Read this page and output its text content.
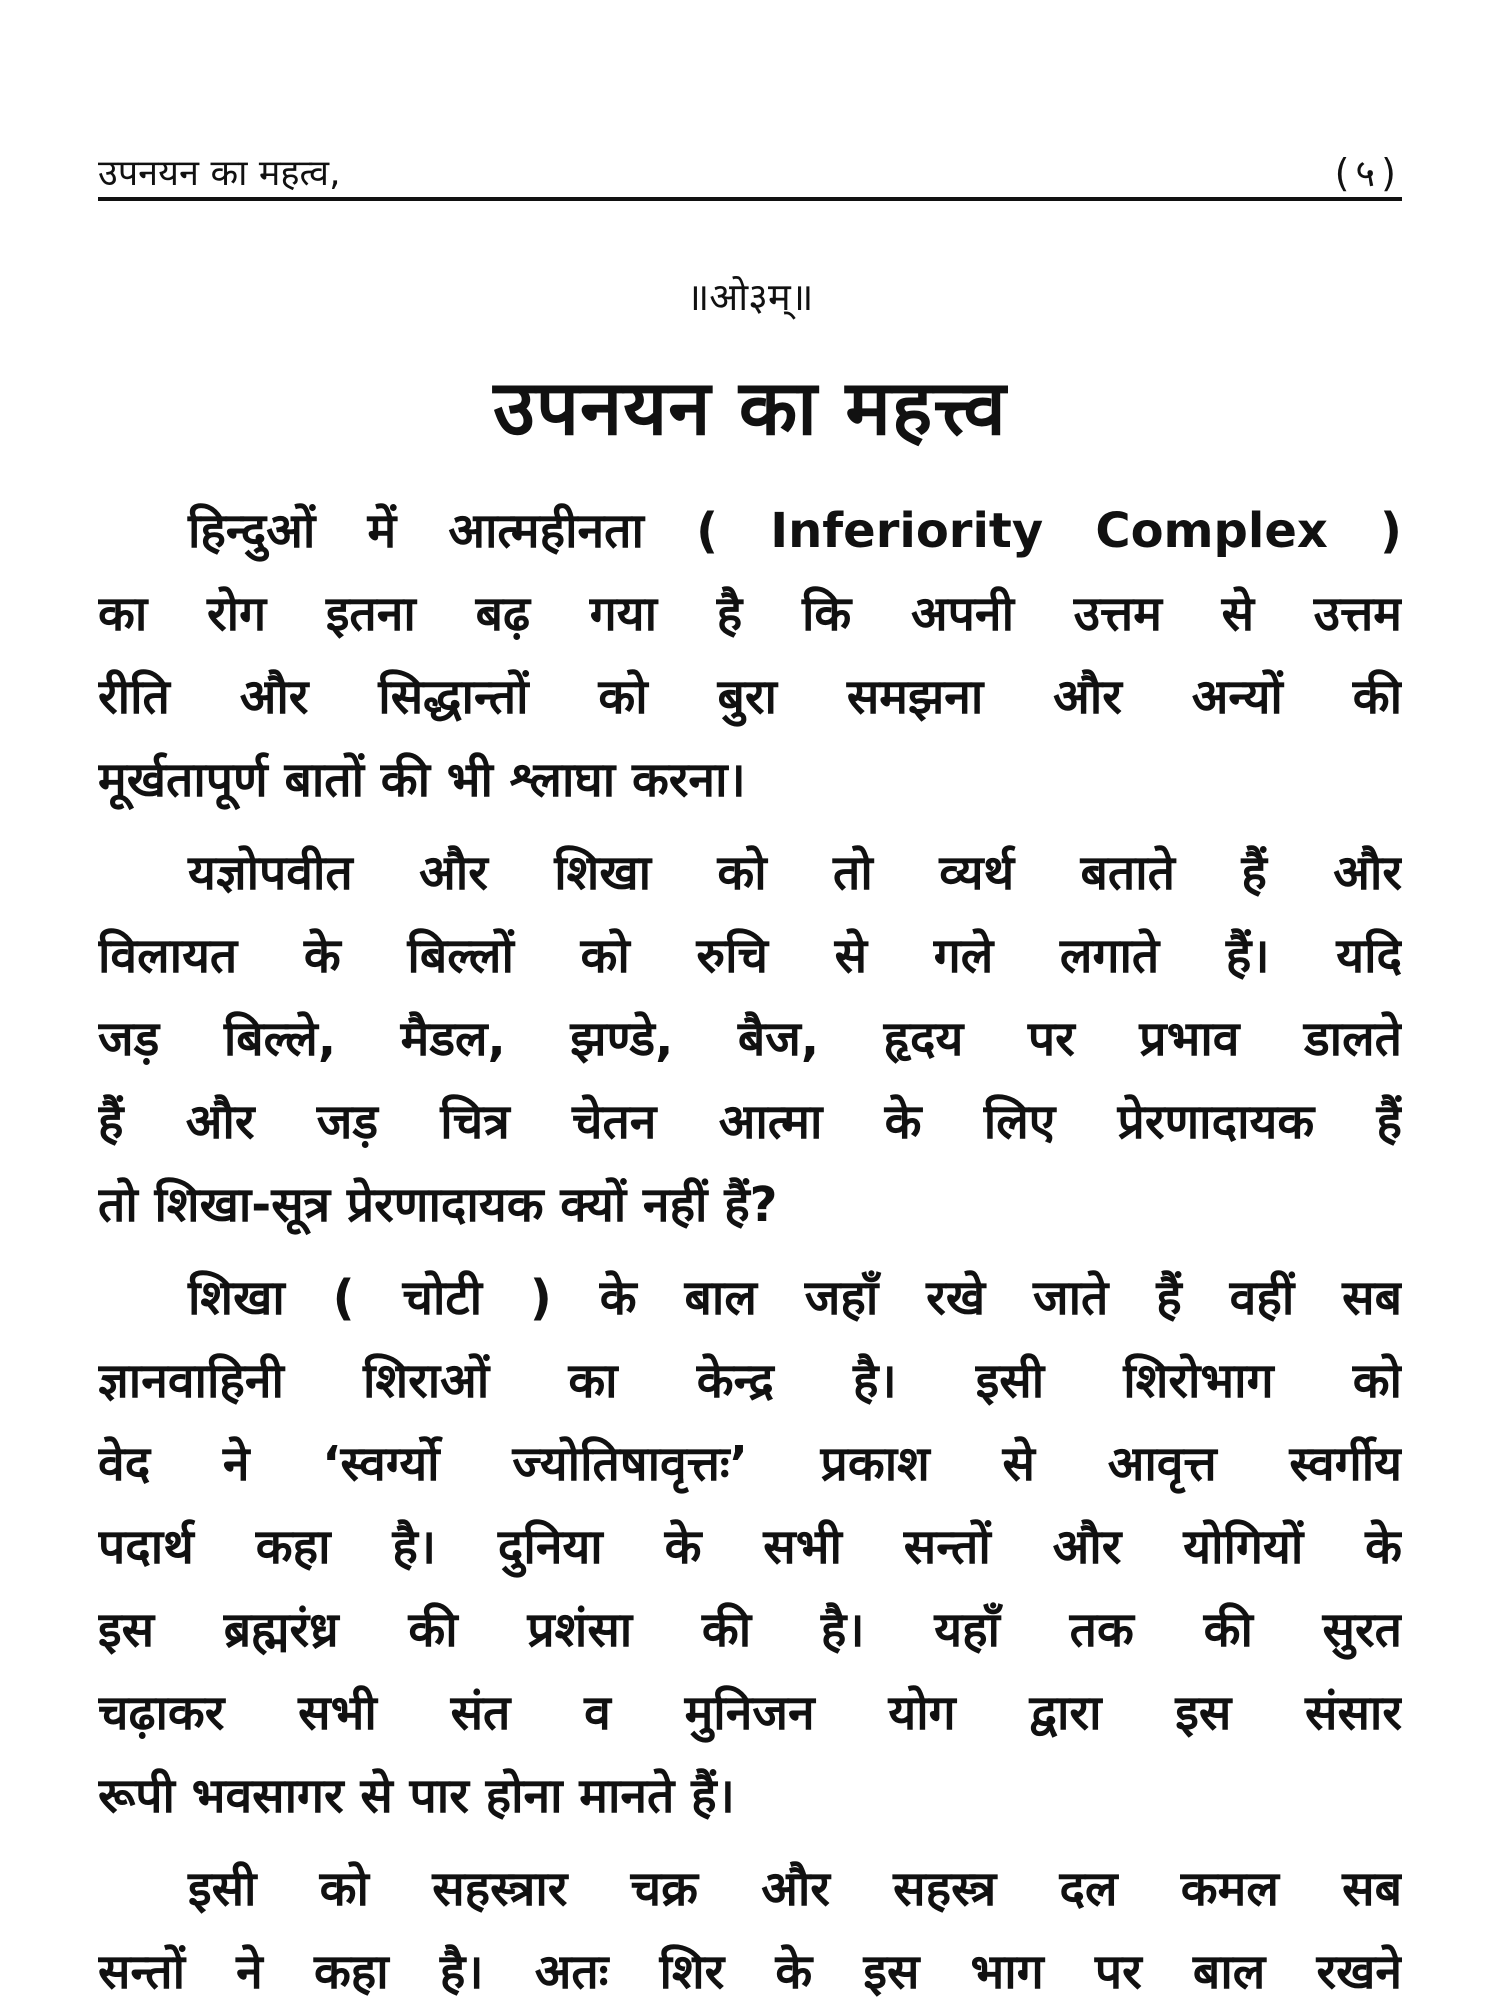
उपनयन का महत्व,	(५)
॥ओ३म्॥
उपनयन का महत्त्व
हिन्दुओं में आत्महीनता ( Inferiority Complex )
का रोग इतना बढ़ गया है कि अपनी उत्तम से उत्तम
रीति और सिद्धान्तों को बुरा समझना और अन्यों की
मूर्खतापूर्ण बातों की भी श्लाघा करना।
यज्ञोपवीत और शिखा को तो व्यर्थ बताते हैं और
विलायत के बिल्लों को रुचि से गले लगाते हैं। यदि
जड़ बिल्ले, मैडल, झण्डे, बैज, हृदय पर प्रभाव डालते
हैं और जड़ चित्र चेतन आत्मा के लिए प्रेरणादायक हैं
तो शिखा-सूत्र प्रेरणादायक क्यों नहीं हैं?
शिखा ( चोटी ) के बाल जहाँ रखे जाते हैं वहीं सब
ज्ञानवाहिनी शिराओं का केन्द्र है। इसी शिरोभाग को
वेद ने ‘स्वर्ग्यो ज्योतिषावृत्तः’ प्रकाश से आवृत्त स्वर्गीय
पदार्थ कहा है। दुनिया के सभी सन्तों और योगियों के
इस ब्रह्मरंध्र की प्रशंसा की है। यहाँ तक की सुरत
चढ़ाकर सभी संत व मुनिजन योग द्वारा इस संसार
रूपी भवसागर से पार होना मानते हैं।
इसी को सहस्त्रार चक्र और सहस्त्र दल कमल सब
सन्तों ने कहा है। अतः शिर के इस भाग पर बाल रखने
